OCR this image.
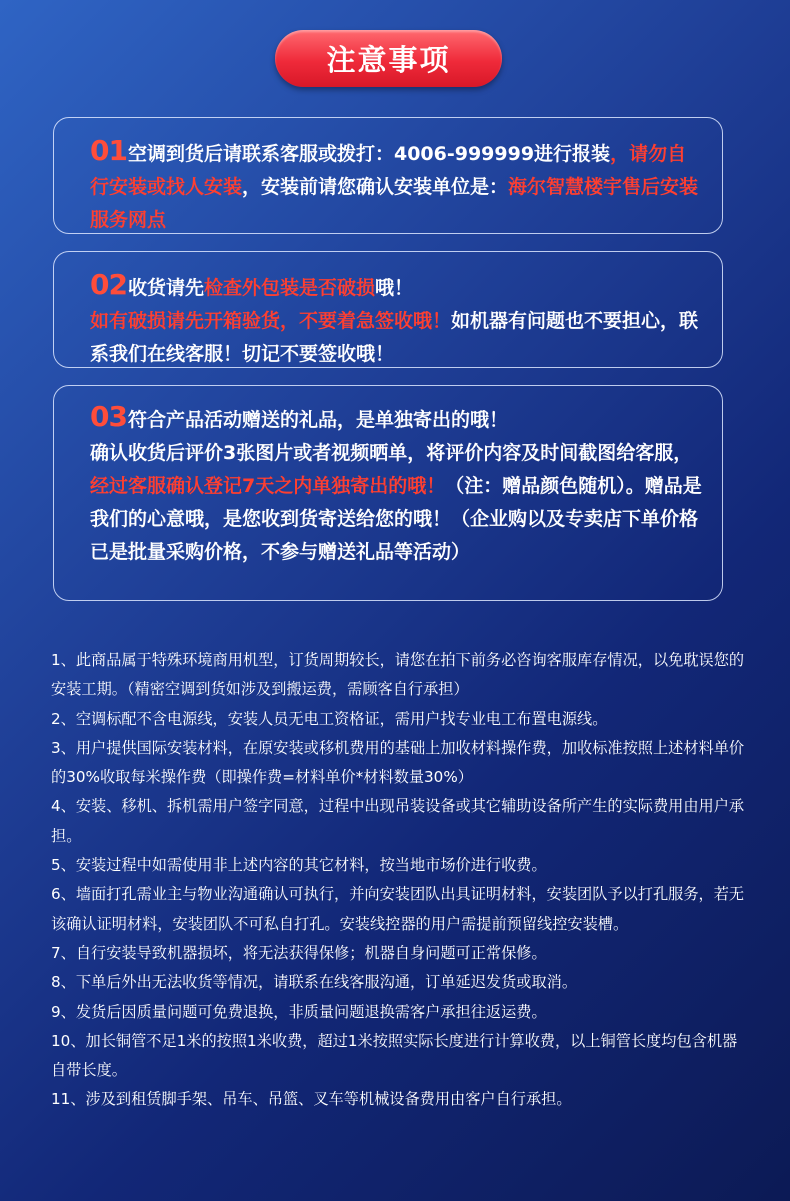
注意事项
01空调到货后请联系客服或拨打：4006-999999进行报装，请勿自行安装或找人安装，安装前请您确认安装单位是：海尔智慧楼宇售后安装服务网点
02收货请先检查外包装是否破损哦！
如有破损请先开箱验货，不要着急签收哦！如机器有问题也不要担心，联系我们在线客服！切记不要签收哦！
03符合产品活动赠送的礼品，是单独寄出的哦！
确认收货后评价3张图片或者视频晒单，将评价内容及时间截图给客服，经过客服确认登记7天之内单独寄出的哦！（注：赠品颜色随机）。赠品是我们的心意哦，是您收到货寄送给您的哦！（企业购以及专卖店下单价格已是批量采购价格，不参与赠送礼品等活动）

1、此商品属于特殊环境商用机型，订货周期较长，请您在拍下前务必咨询客服库存情况，以免耽误您的安装工期。（精密空调到货如涉及到搬运费，需顾客自行承担）

2、空调标配不含电源线，安装人员无电工资格证，需用户找专业电工布置电源线。

3、用户提供国际安装材料，在原安装或移机费用的基础上加收材料操作费，加收标准按照上述材料单价的30%收取每米操作费（即操作费=材料单价*材料数量30%）

4、安装、移机、拆机需用户签字同意，过程中出现吊装设备或其它辅助设备所产生的实际费用由用户承担。

5、安装过程中如需使用非上述内容的其它材料，按当地市场价进行收费。

6、墙面打孔需业主与物业沟通确认可执行，并向安装团队出具证明材料，安装团队予以打孔服务，若无该确认证明材料，安装团队不可私自打孔。安装线控器的用户需提前预留线控安装槽。

7、自行安装导致机器损坏，将无法获得保修；机器自身问题可正常保修。

8、下单后外出无法收货等情况，请联系在线客服沟通，订单延迟发货或取消。

9、发货后因质量问题可免费退换，非质量问题退换需客户承担往返运费。

10、加长铜管不足1米的按照1米收费，超过1米按照实际长度进行计算收费，以上铜管长度均包含机器自带长度。

11、涉及到租赁脚手架、吊车、吊篮、叉车等机械设备费用由客户自行承担。
